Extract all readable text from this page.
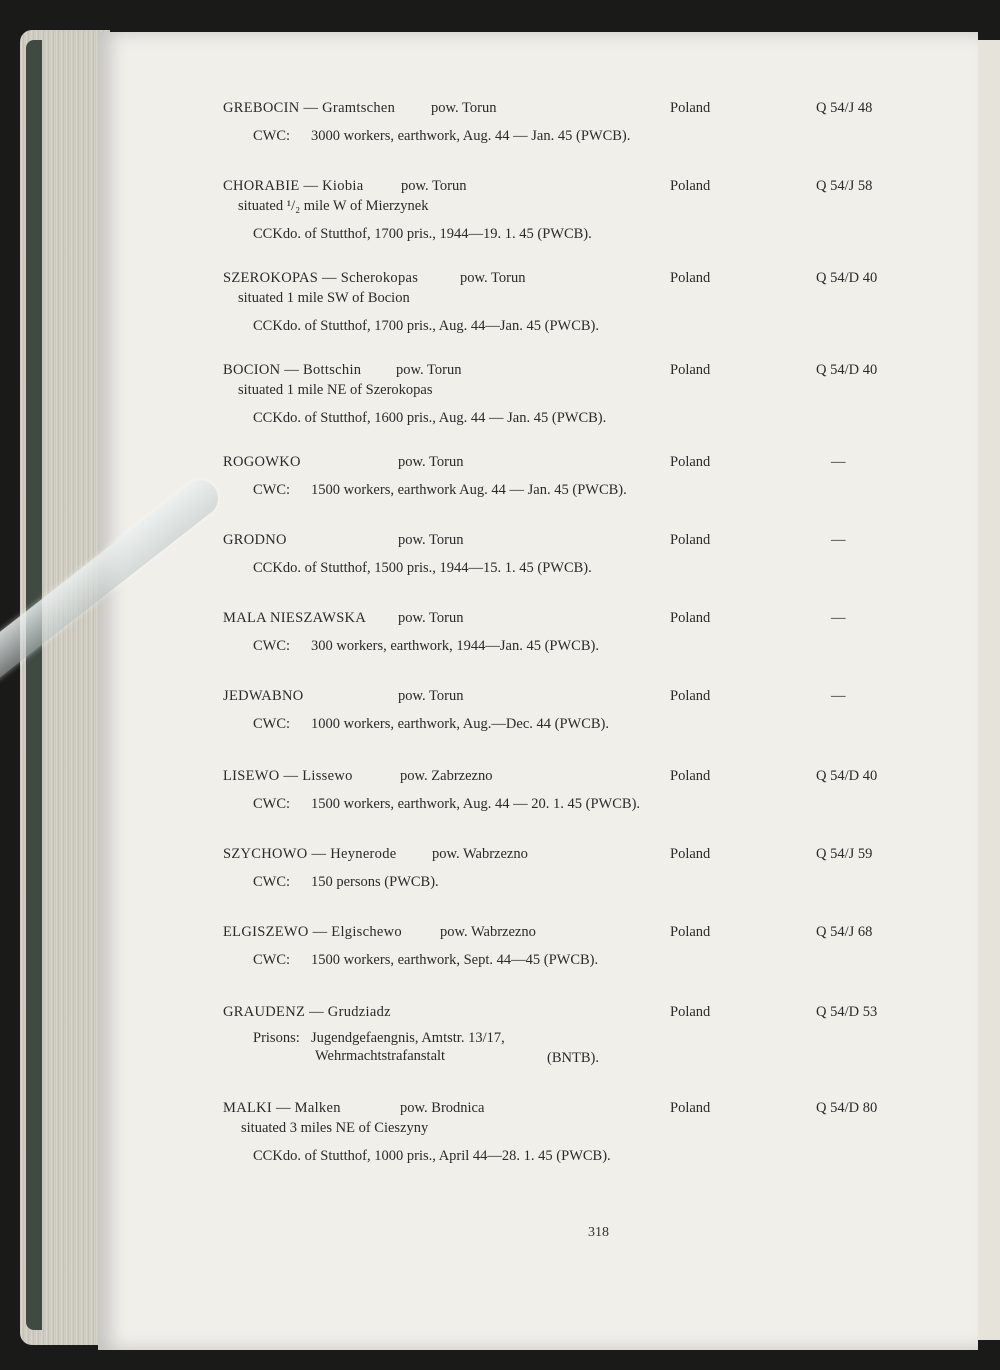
GREBOCIN — Gramtschen pow. Torun	Poland	Q 54/J 48
CWC: 3000 workers, earthwork, Aug. 44 — Jan. 45 (PWCB).
CHORABIE — Kiobia	pow. Torun	Poland	Q 54/J 58
situated ¹/₂ mile W of Mierzynek
CCKdo. of Stutthof, 1700 pris., 1944—19. 1. 45 (PWCB).
SZEROKOPAS — Scherokopas	pow. Torun	Poland	Q 54/D 40
situated 1 mile SW of Bocion
CCKdo. of Stutthof, 1700 pris., Aug. 44—Jan. 45 (PWCB).
BOCION — Bottschin pow. Torun	Poland	Q 54/D 40
situated 1 mile NE of Szerokopas
CCKdo. of Stutthof, 1600 pris., Aug. 44 — Jan. 45 (PWCB).
ROGOWKO	pow. Torun	Poland	—
CWC: 1500 workers, earthwork Aug. 44 — Jan. 45 (PWCB).
GRODNO	pow. Torun	Poland	—
CCKdo. of Stutthof, 1500 pris., 1944—15. 1. 45 (PWCB).
MALA NIESZAWSKA pow. Torun	Poland	—
CWC: 300 workers, earthwork, 1944—Jan. 45 (PWCB).
JEDWABNO	pow. Torun	Poland	—
CWC: 1000 workers, earthwork, Aug.—Dec. 44 (PWCB).
LISEWO — Lissewo	pow. Zabrzezno	Poland	Q 54/D 40
CWC: 1500 workers, earthwork, Aug. 44 — 20. 1. 45 (PWCB).
SZYCHOWO — Heynerode pow. Wabrzezno	Poland	Q 54/J 59
CWC: 150 persons (PWCB).
ELGISZEWO — Elgischewo	pow. Wabrzezno	Poland	Q 54/J 68
CWC: 1500 workers, earthwork, Sept. 44—45 (PWCB).
GRAUDENZ — Grudziadz	Poland	Q 54/D 53
Prisons: Jugendgefaengnis, Amtstr. 13/17,
Wehrmachtstrafanstalt	(BNTB).
MALKI — Malken	pow. Brodnica	Poland	Q 54/D 80
situated 3 miles NE of Cieszyny
CCKdo. of Stutthof, 1000 pris., April 44—28. 1. 45 (PWCB).
318
